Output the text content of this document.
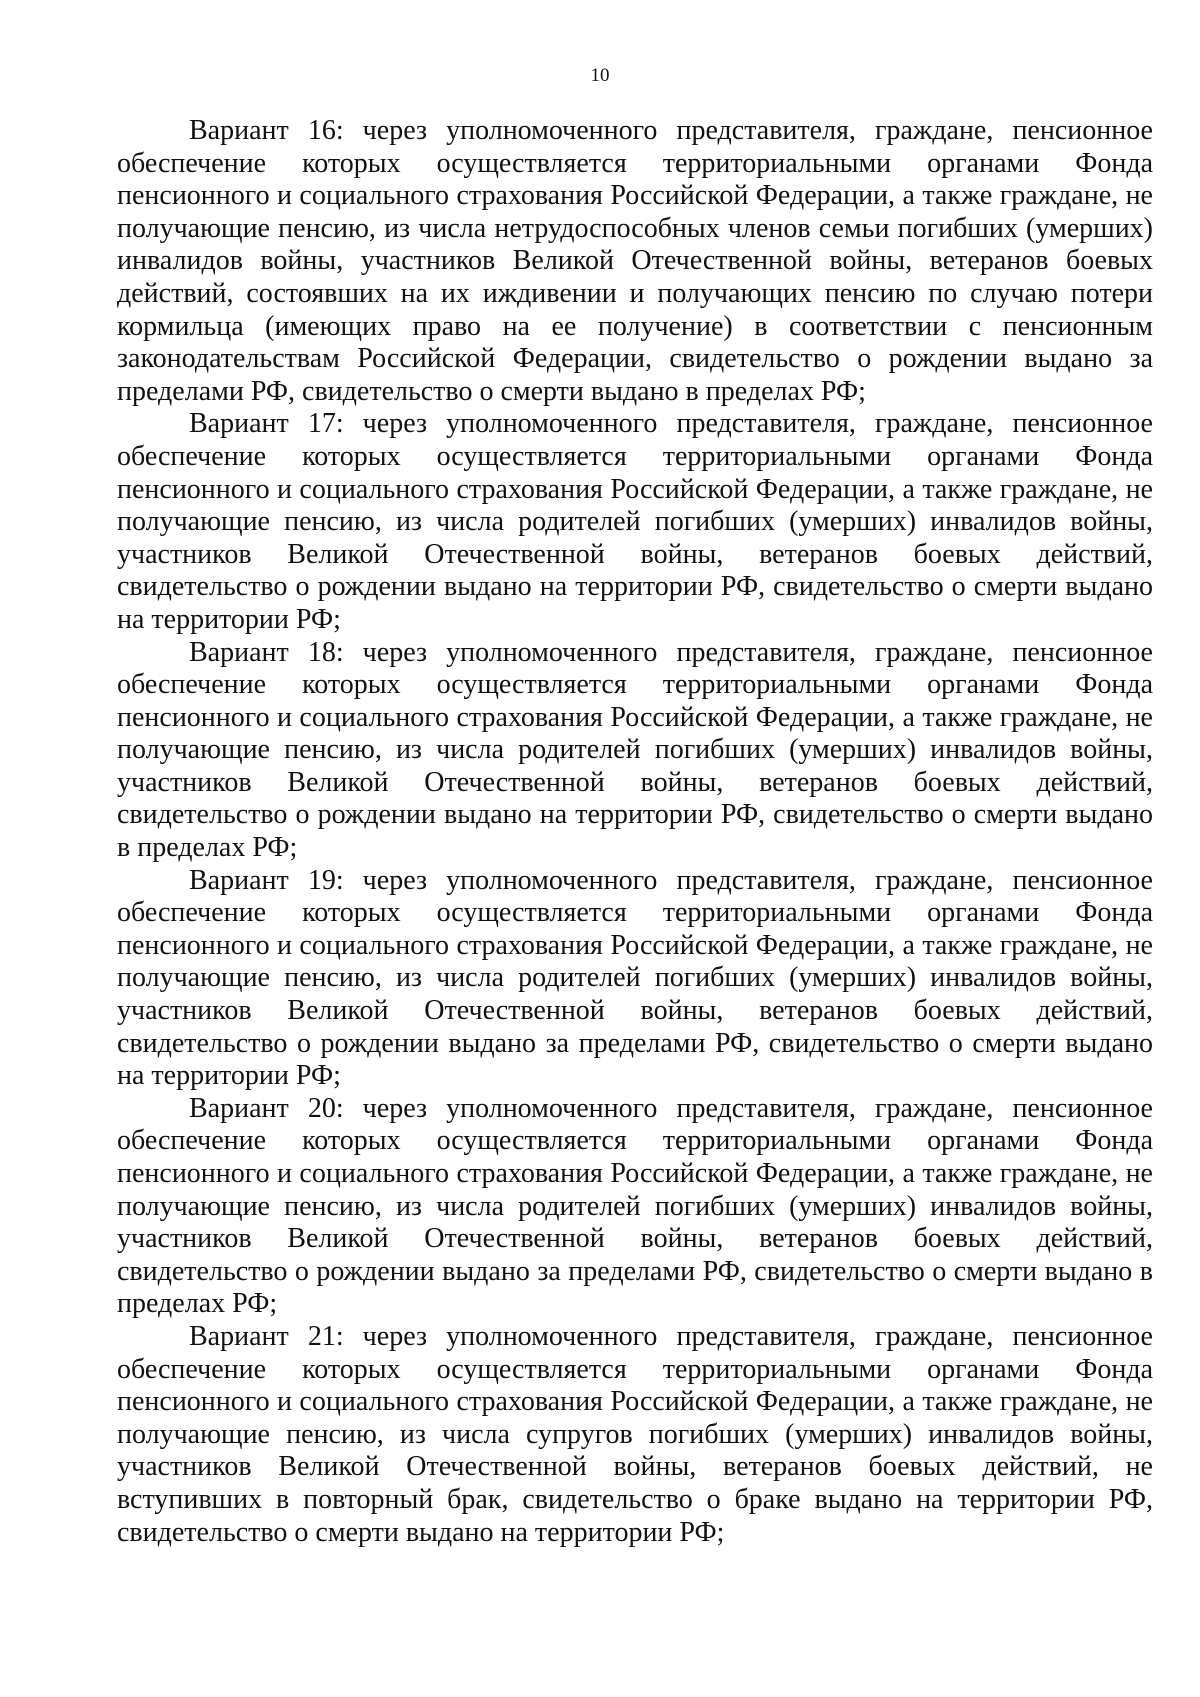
10

Вариант 16: через уполномоченного представителя, граждане, пенсионное обеспечение которых осуществляется территориальными органами Фонда пенсионного и социального страхования Российской Федерации, а также граждане, не получающие пенсию, из числа нетрудоспособных членов семьи погибших (умерших) инвалидов войны, участников Великой Отечественной войны, ветеранов боевых действий, состоявших на их иждивении и получающих пенсию по случаю потери кормильца (имеющих право на ее получение) в соответствии с пенсионным законодательствам Российской Федерации, свидетельство о рождении выдано за пределами РФ, свидетельство о смерти выдано в пределах РФ;

Вариант 17: через уполномоченного представителя, граждане, пенсионное обеспечение которых осуществляется территориальными органами Фонда пенсионного и социального страхования Российской Федерации, а также граждане, не получающие пенсию, из числа родителей погибших (умерших) инвалидов войны, участников Великой Отечественной войны, ветеранов боевых действий, свидетельство о рождении выдано на территории РФ, свидетельство о смерти выдано на территории РФ;

Вариант 18: через уполномоченного представителя, граждане, пенсионное обеспечение которых осуществляется территориальными органами Фонда пенсионного и социального страхования Российской Федерации, а также граждане, не получающие пенсию, из числа родителей погибших (умерших) инвалидов войны, участников Великой Отечественной войны, ветеранов боевых действий, свидетельство о рождении выдано на территории РФ, свидетельство о смерти выдано в пределах РФ;

Вариант 19: через уполномоченного представителя, граждане, пенсионное обеспечение которых осуществляется территориальными органами Фонда пенсионного и социального страхования Российской Федерации, а также граждане, не получающие пенсию, из числа родителей погибших (умерших) инвалидов войны, участников Великой Отечественной войны, ветеранов боевых действий, свидетельство о рождении выдано за пределами РФ, свидетельство о смерти выдано на территории РФ;

Вариант 20: через уполномоченного представителя, граждане, пенсионное обеспечение которых осуществляется территориальными органами Фонда пенсионного и социального страхования Российской Федерации, а также граждане, не получающие пенсию, из числа родителей погибших (умерших) инвалидов войны, участников Великой Отечественной войны, ветеранов боевых действий, свидетельство о рождении выдано за пределами РФ, свидетельство о смерти выдано в пределах РФ;

Вариант 21: через уполномоченного представителя, граждане, пенсионное обеспечение которых осуществляется территориальными органами Фонда пенсионного и социального страхования Российской Федерации, а также граждане, не получающие пенсию, из числа супругов погибших (умерших) инвалидов войны, участников Великой Отечественной войны, ветеранов боевых действий, не вступивших в повторный брак, свидетельство о браке выдано на территории РФ, свидетельство о смерти выдано на территории РФ;
